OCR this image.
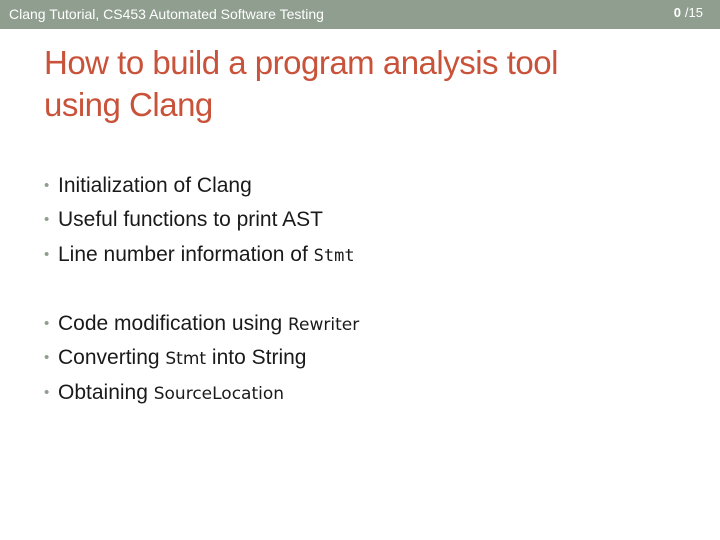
Clang Tutorial, CS453 Automated Software Testing	0 /15
How to build a program analysis tool
using Clang
• Initialization of Clang
• Useful functions to print AST
• Line number information of Stmt
• Code modification using Rewriter
• Converting Stmt into String
• Obtaining SourceLocation
